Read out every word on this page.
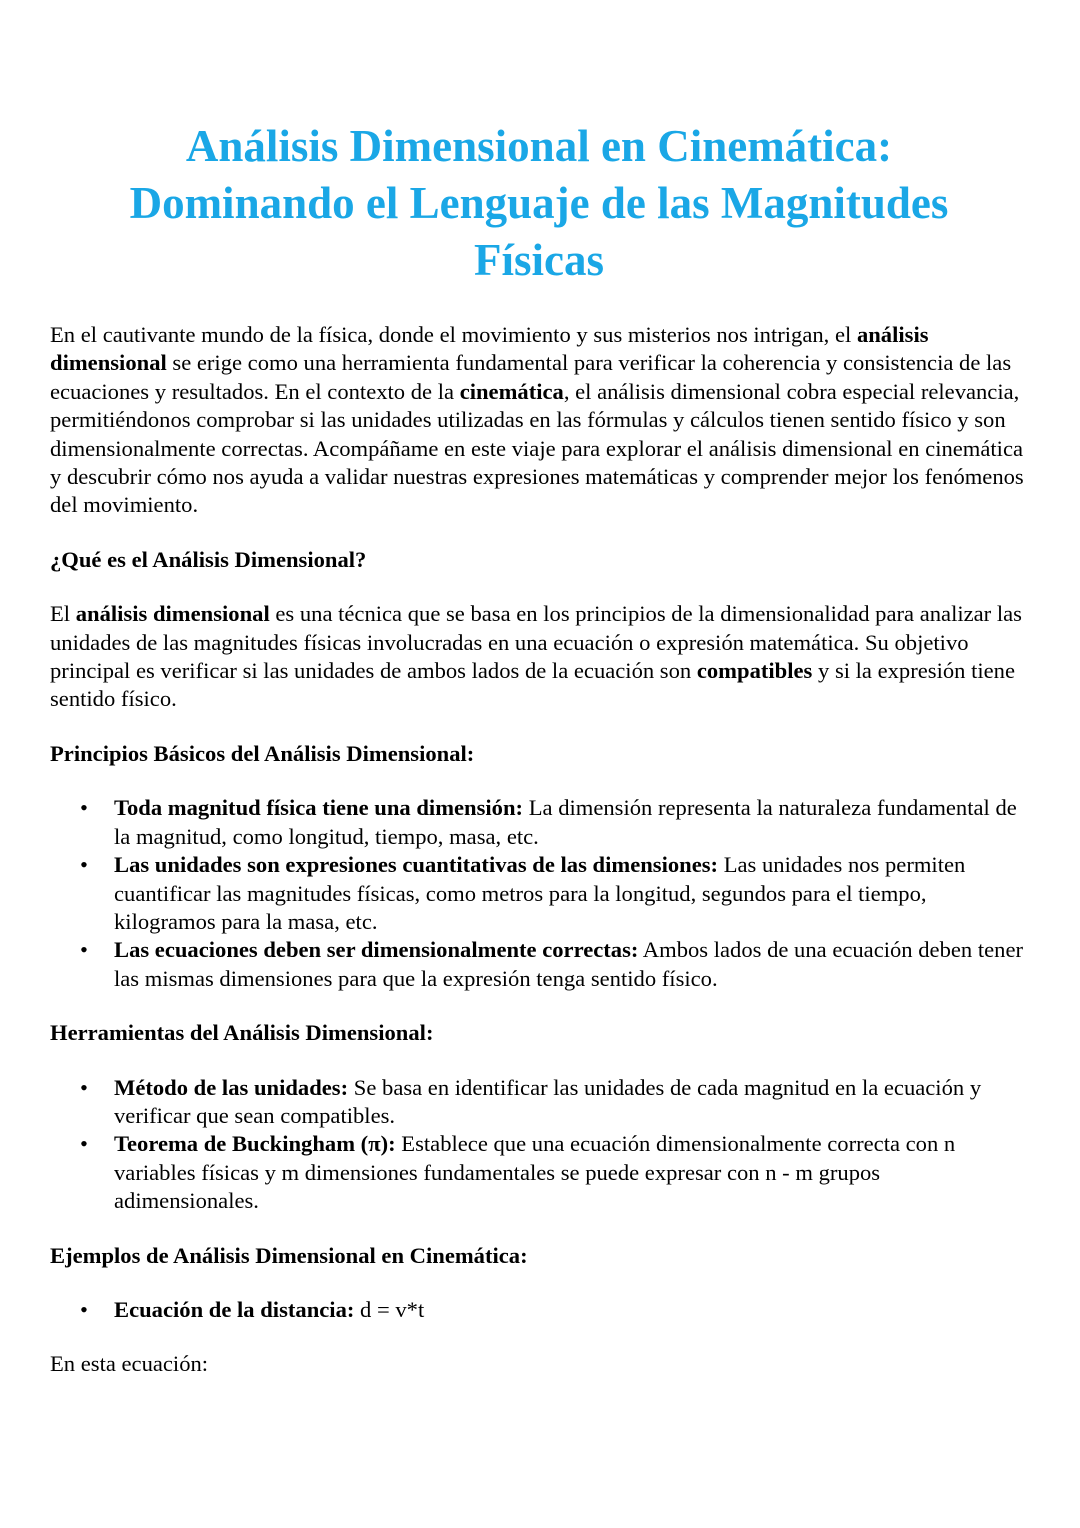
Análisis Dimensional en Cinemática:
Dominando el Lenguaje de las Magnitudes
Físicas

En el cautivante mundo de la física, donde el movimiento y sus misterios nos intrigan, el análisis dimensional se erige como una herramienta fundamental para verificar la coherencia y consistencia de las ecuaciones y resultados. En el contexto de la cinemática, el análisis dimensional cobra especial relevancia, permitiéndonos comprobar si las unidades utilizadas en las fórmulas y cálculos tienen sentido físico y son dimensionalmente correctas. Acompáñame en este viaje para explorar el análisis dimensional en cinemática y descubrir cómo nos ayuda a validar nuestras expresiones matemáticas y comprender mejor los fenómenos del movimiento.

¿Qué es el Análisis Dimensional?

El análisis dimensional es una técnica que se basa en los principios de la dimensionalidad para analizar las unidades de las magnitudes físicas involucradas en una ecuación o expresión matemática. Su objetivo principal es verificar si las unidades de ambos lados de la ecuación son compatibles y si la expresión tiene sentido físico.

Principios Básicos del Análisis Dimensional:
• Toda magnitud física tiene una dimensión: La dimensión representa la naturaleza fundamental de la magnitud, como longitud, tiempo, masa, etc.
• Las unidades son expresiones cuantitativas de las dimensiones: Las unidades nos permiten cuantificar las magnitudes físicas, como metros para la longitud, segundos para el tiempo, kilogramos para la masa, etc.
• Las ecuaciones deben ser dimensionalmente correctas: Ambos lados de una ecuación deben tener las mismas dimensiones para que la expresión tenga sentido físico.
Herramientas del Análisis Dimensional:
• Método de las unidades: Se basa en identificar las unidades de cada magnitud en la ecuación y verificar que sean compatibles.
• Teorema de Buckingham (π): Establece que una ecuación dimensionalmente correcta con n variables físicas y m dimensiones fundamentales se puede expresar con n - m grupos adimensionales.
Ejemplos de Análisis Dimensional en Cinemática:
• Ecuación de la distancia: d = v*t

En esta ecuación:
